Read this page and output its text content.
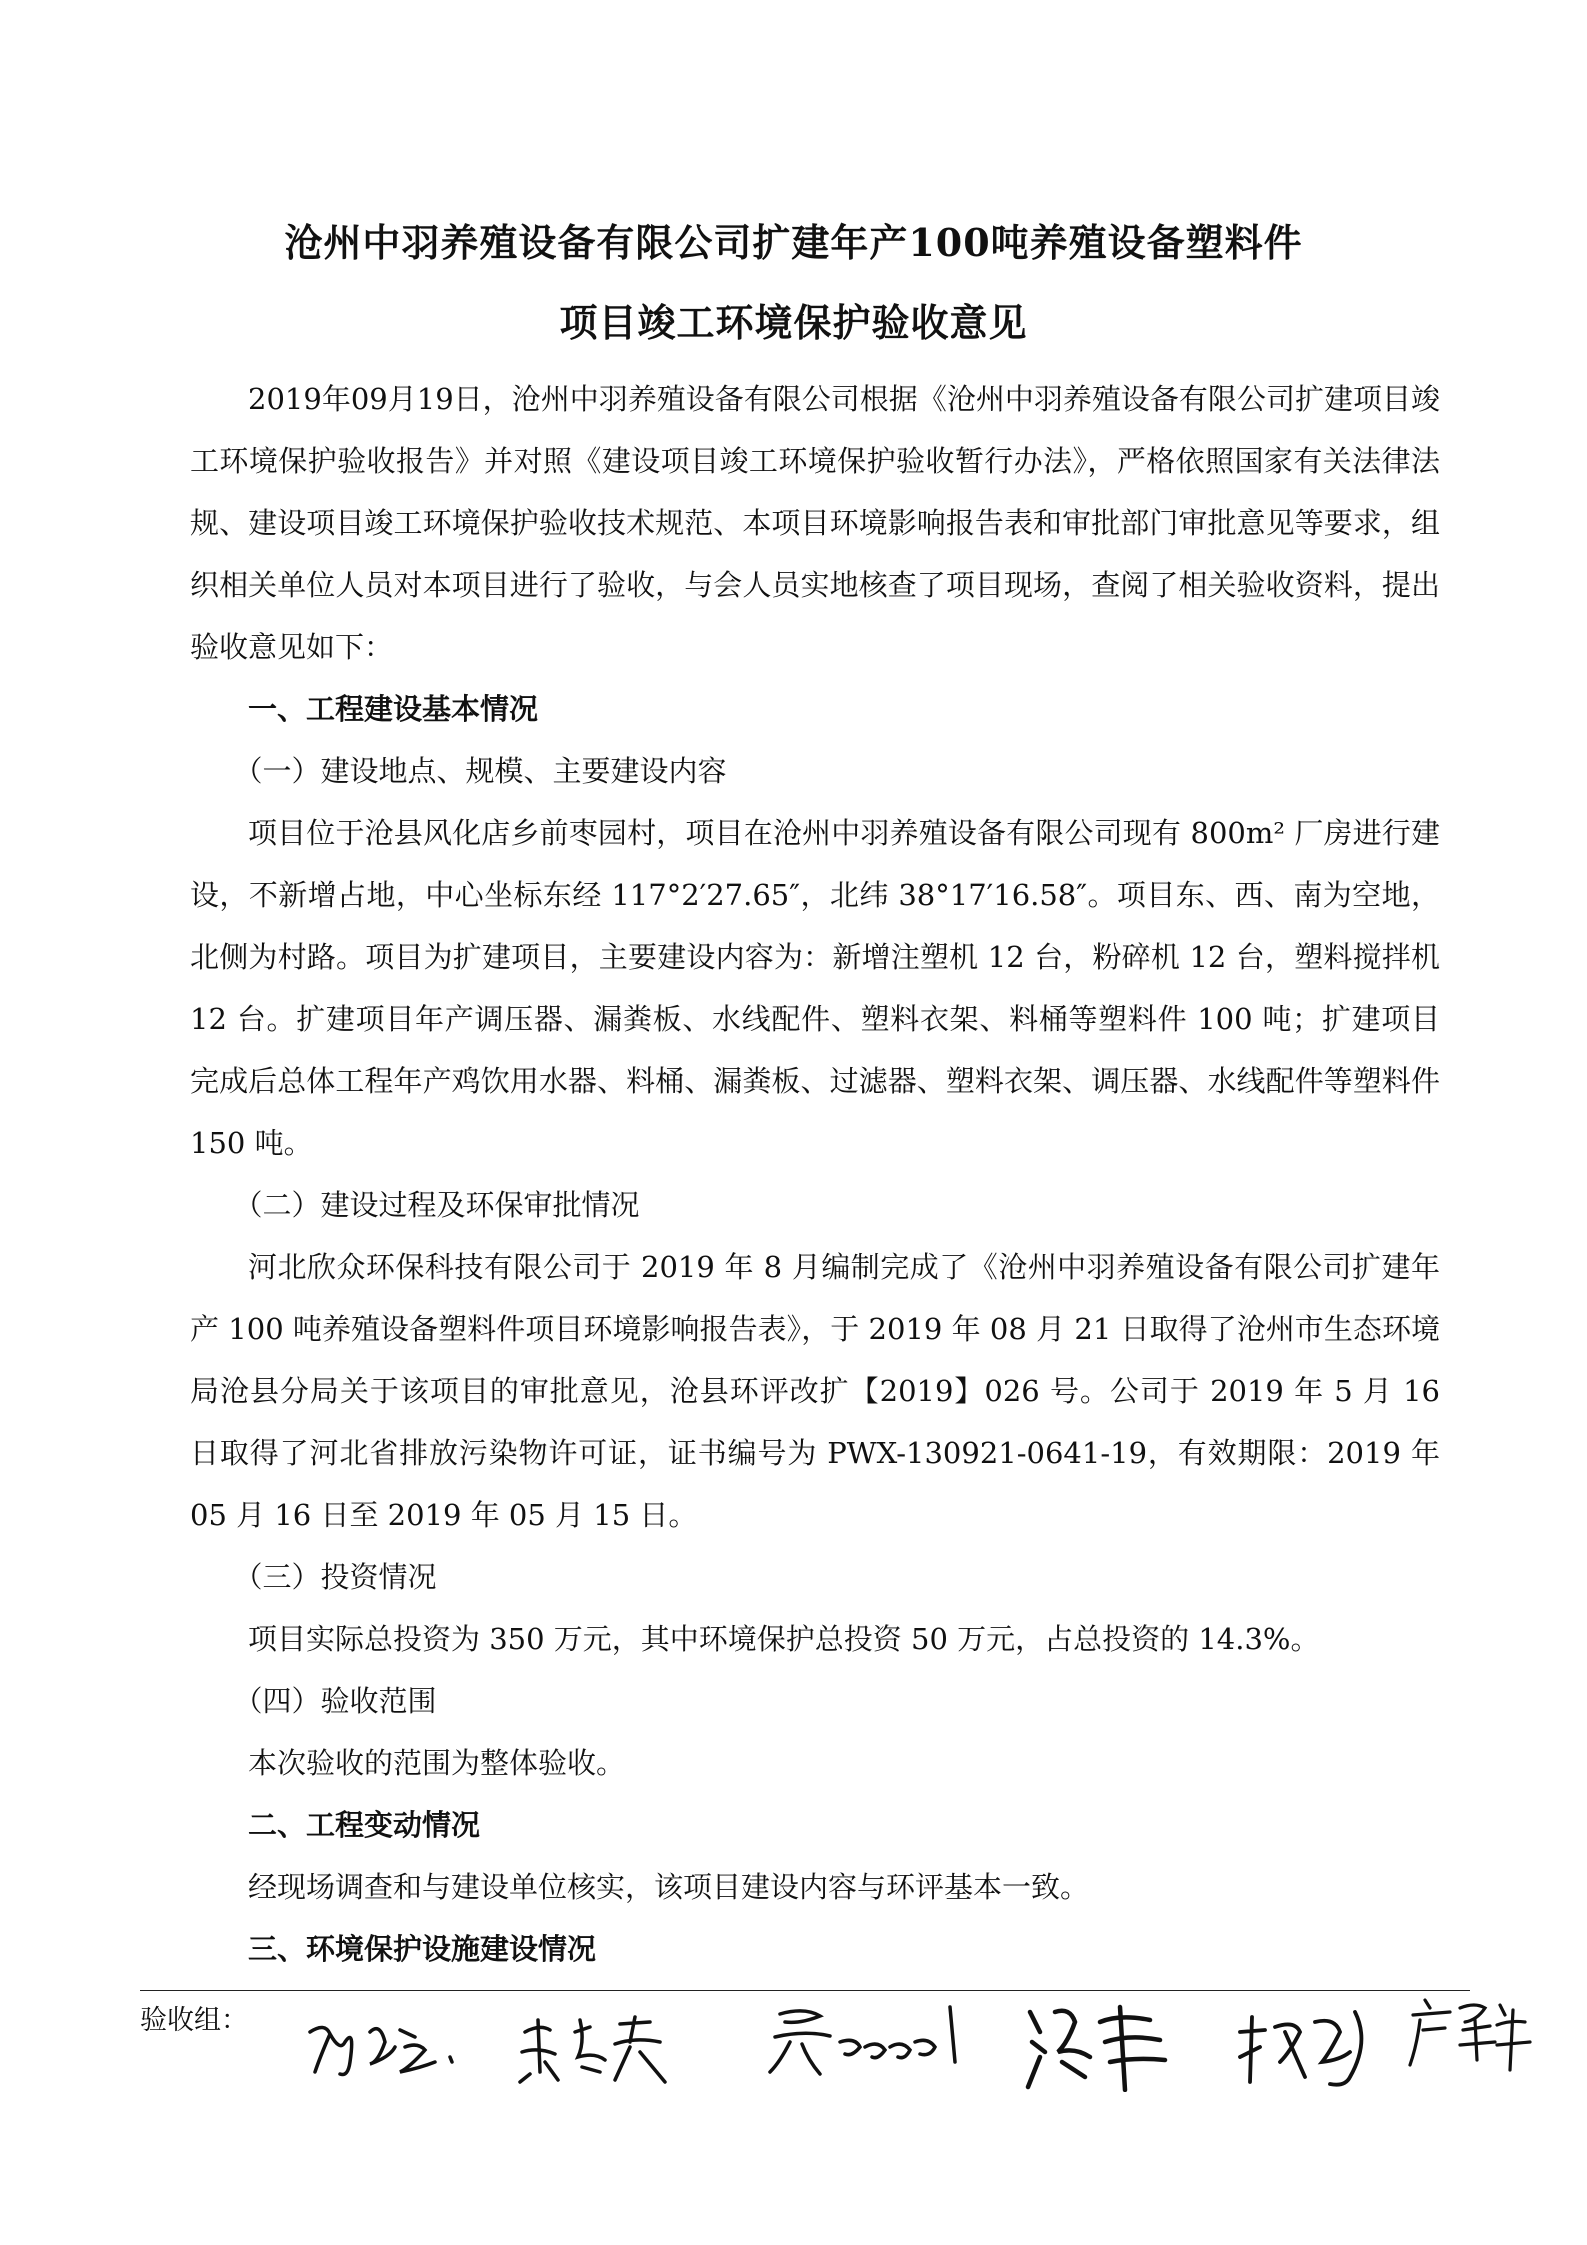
沧州中羽养殖设备有限公司扩建年产100吨养殖设备塑料件
项目竣工环境保护验收意见

2019年09月19日，沧州中羽养殖设备有限公司根据《沧州中羽养殖设备有限公司扩建项目竣工环境保护验收报告》并对照《建设项目竣工环境保护验收暂行办法》，严格依照国家有关法律法规、建设项目竣工环境保护验收技术规范、本项目环境影响报告表和审批部门审批意见等要求，组织相关单位人员对本项目进行了验收，与会人员实地核查了项目现场，查阅了相关验收资料，提出验收意见如下：

一、工程建设基本情况

（一）建设地点、规模、主要建设内容

项目位于沧县风化店乡前枣园村，项目在沧州中羽养殖设备有限公司现有 800m² 厂房进行建设，不新增占地，中心坐标东经 117°2′27.65″，北纬 38°17′16.58″。项目东、西、南为空地，北侧为村路。项目为扩建项目，主要建设内容为：新增注塑机 12 台，粉碎机 12 台，塑料搅拌机 12 台。扩建项目年产调压器、漏粪板、水线配件、塑料衣架、料桶等塑料件 100 吨；扩建项目完成后总体工程年产鸡饮用水器、料桶、漏粪板、过滤器、塑料衣架、调压器、水线配件等塑料件 150 吨。

（二）建设过程及环保审批情况

河北欣众环保科技有限公司于 2019 年 8 月编制完成了《沧州中羽养殖设备有限公司扩建年产 100 吨养殖设备塑料件项目环境影响报告表》，于 2019 年 08 月 21 日取得了沧州市生态环境局沧县分局关于该项目的审批意见，沧县环评改扩【2019】026 号。公司于 2019 年 5 月 16 日取得了河北省排放污染物许可证，证书编号为 PWX-130921-0641-19，有效期限：2019 年 05 月 16 日至 2019 年 05 月 15 日。

（三）投资情况

项目实际总投资为 350 万元，其中环境保护总投资 50 万元，占总投资的 14.3%。

（四）验收范围

本次验收的范围为整体验收。

二、工程变动情况

经现场调查和与建设单位核实，该项目建设内容与环评基本一致。

三、环境保护设施建设情况

验收组：
